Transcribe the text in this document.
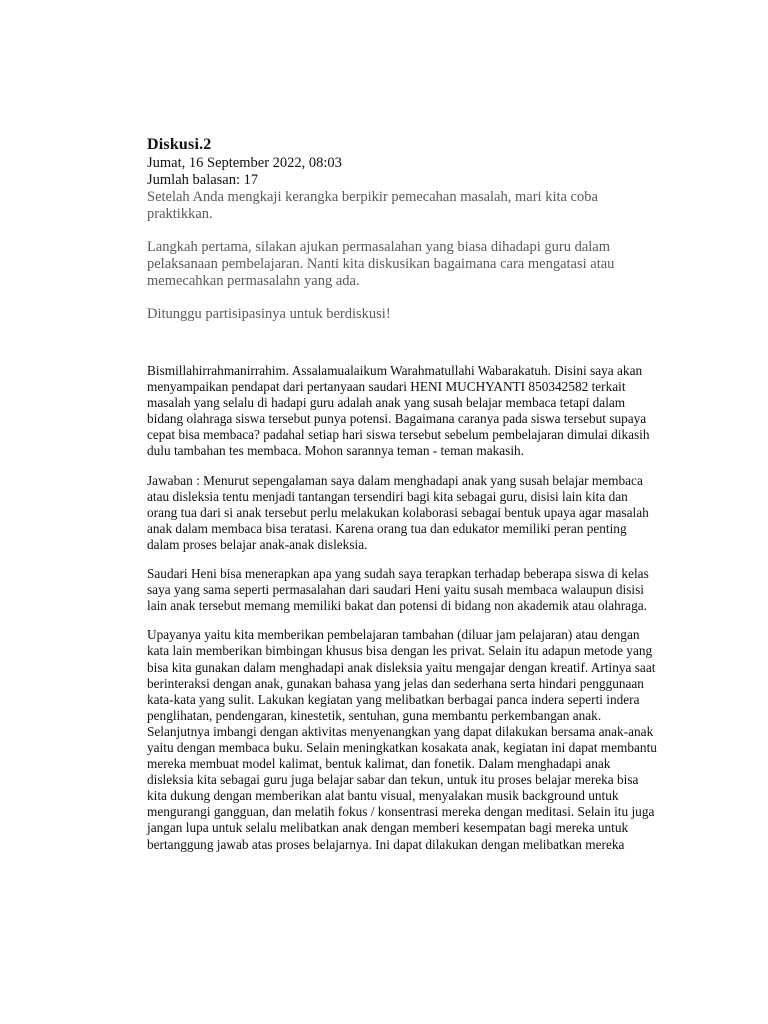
Diskusi.2
Jumat, 16 September 2022, 08:03
Jumlah balasan: 17

Setelah Anda mengkaji kerangka berpikir pemecahan masalah, mari kita coba praktikkan.

Langkah pertama, silakan ajukan permasalahan yang biasa dihadapi guru dalam pelaksanaan pembelajaran. Nanti kita diskusikan bagaimana cara mengatasi atau memecahkan permasalahn yang ada.

Ditunggu partisipasinya untuk berdiskusi!

Bismillahirrahmanirrahim. Assalamualaikum Warahmatullahi Wabarakatuh. Disini saya akan menyampaikan pendapat dari pertanyaan saudari HENI MUCHYANTI 850342582 terkait masalah yang selalu di hadapi guru adalah anak yang susah belajar membaca tetapi dalam bidang olahraga siswa tersebut punya potensi. Bagaimana caranya pada siswa tersebut supaya cepat bisa membaca? padahal setiap hari siswa tersebut sebelum pembelajaran dimulai dikasih dulu tambahan tes membaca. Mohon sarannya teman - teman makasih.

Jawaban : Menurut sepengalaman saya dalam menghadapi anak yang susah belajar membaca atau disleksia tentu menjadi tantangan tersendiri bagi kita sebagai guru, disisi lain kita dan orang tua dari si anak tersebut perlu melakukan kolaborasi sebagai bentuk upaya agar masalah anak dalam membaca bisa teratasi. Karena orang tua dan edukator memiliki peran penting dalam proses belajar anak-anak disleksia.

Saudari Heni bisa menerapkan apa yang sudah saya terapkan terhadap beberapa siswa di kelas saya yang sama seperti permasalahan dari saudari Heni yaitu susah membaca walaupun disisi lain anak tersebut memang memiliki bakat dan potensi di bidang non akademik atau olahraga.

Upayanya yaitu kita memberikan pembelajaran tambahan (diluar jam pelajaran) atau dengan kata lain memberikan bimbingan khusus bisa dengan les privat. Selain itu adapun metode yang bisa kita gunakan dalam menghadapi anak disleksia yaitu mengajar dengan kreatif. Artinya saat berinteraksi dengan anak, gunakan bahasa yang jelas dan sederhana serta hindari penggunaan kata-kata yang sulit. Lakukan kegiatan yang melibatkan berbagai panca indera seperti indera penglihatan, pendengaran, kinestetik, sentuhan, guna membantu perkembangan anak. Selanjutnya imbangi dengan aktivitas menyenangkan yang dapat dilakukan bersama anak-anak yaitu dengan membaca buku. Selain meningkatkan kosakata anak, kegiatan ini dapat membantu mereka membuat model kalimat, bentuk kalimat, dan fonetik. Dalam menghadapi anak disleksia kita sebagai guru juga belajar sabar dan tekun, untuk itu proses belajar mereka bisa kita dukung dengan memberikan alat bantu visual, menyalakan musik background untuk mengurangi gangguan, dan melatih fokus / konsentrasi mereka dengan meditasi. Selain itu juga jangan lupa untuk selalu melibatkan anak dengan memberi kesempatan bagi mereka untuk bertanggung jawab atas proses belajarnya. Ini dapat dilakukan dengan melibatkan mereka
